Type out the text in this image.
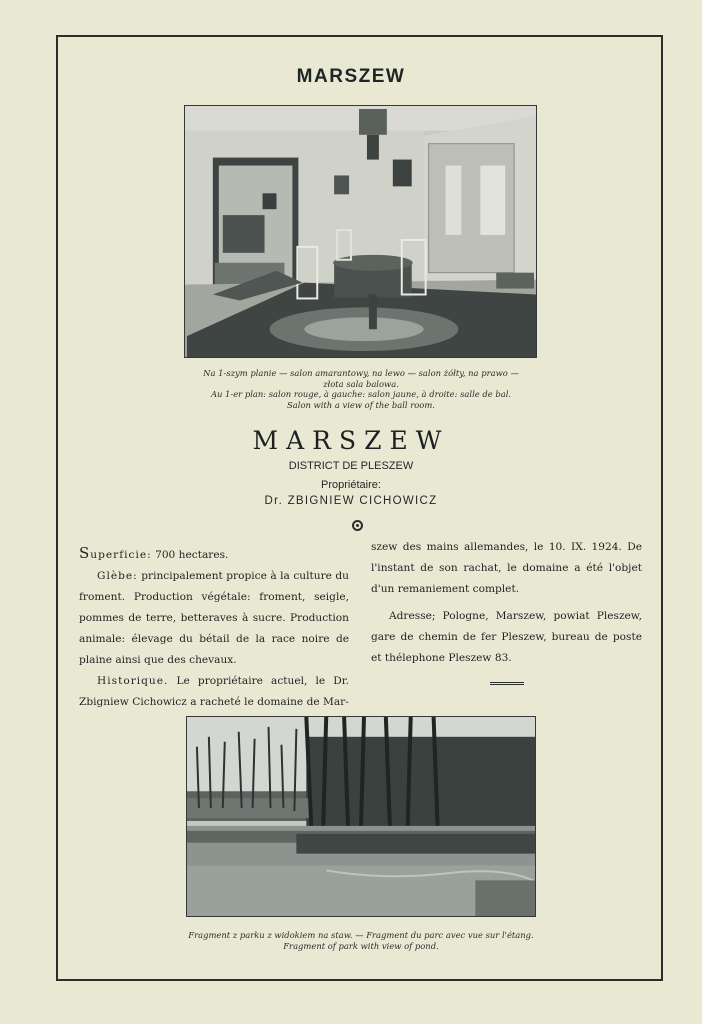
MARSZEW
Na 1-szym planie — salon amarantowy, na lewo — salon żółty, na prawo —
złota sala balowa.
Au 1-er plan: salon rouge, à gauche: salon jaune, à droite: salle de bal.
Salon with a view of the ball room.
MARSZEW
DISTRICT DE PLESZEW
Propriétaire:
Dr. ZBIGNIEW CICHOWICZ

Superficie: 700 hectares.

Glèbe: principalement propice à la culture du froment. Production végétale: froment, seigle, pommes de terre, betteraves à sucre. Production animale: élevage du bétail de la race noire de plaine ainsi que des chevaux.

Historique. Le propriétaire actuel, le Dr. Zbigniew Cichowicz a racheté le domaine de Mar-

szew des mains allemandes, le 10. IX. 1924. De l'instant de son rachat, le domaine a été l'objet d'un remaniement complet.

Adresse; Pologne, Marszew, powiat Pleszew, gare de chemin de fer Pleszew, bureau de poste et thélephone Pleszew 83.

Fragment z parku z widokiem na staw. — Fragment du parc avec vue sur l'étang.
Fragment of park with view of pond.
